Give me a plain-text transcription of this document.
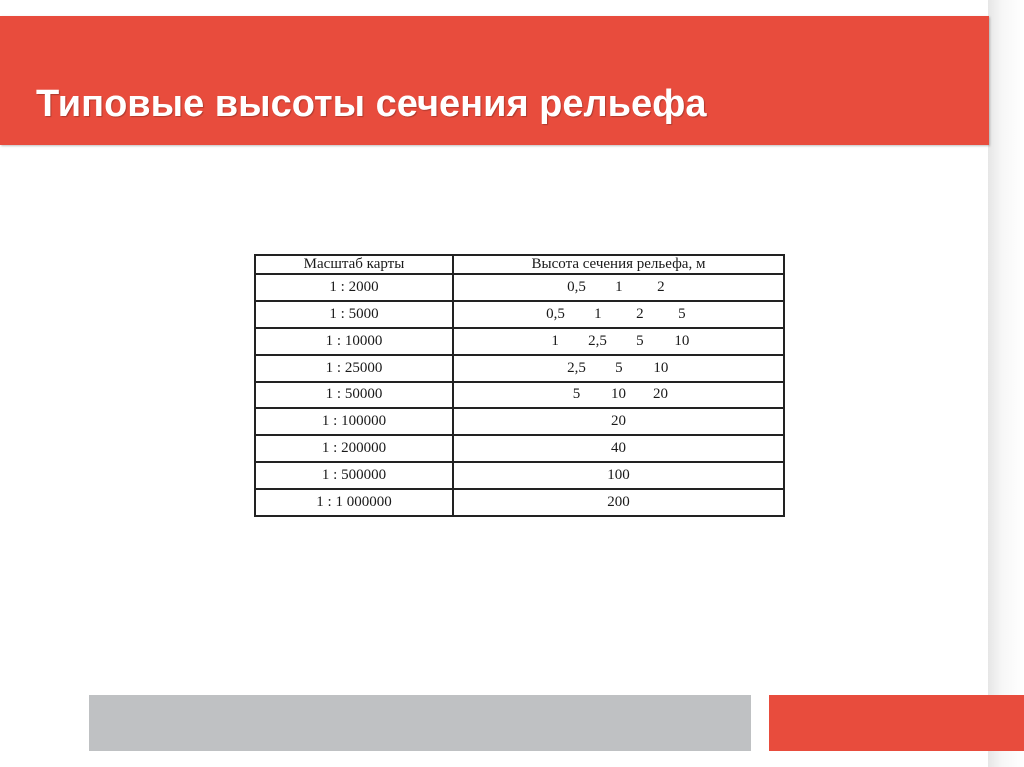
Типовые высоты сечения рельефа
Масштаб карты	Высота сечения рельефа, м
1 : 2000	0,5 1 2

1 : 5000	0,5 1 2 5

1 : 10000	1 2,5 5 10

1 : 25000	2,5 5 10

1 : 50000	5 10 20

1 : 100000	20

1 : 200000	40

1 : 500000	100

1 : 1 000000	200
